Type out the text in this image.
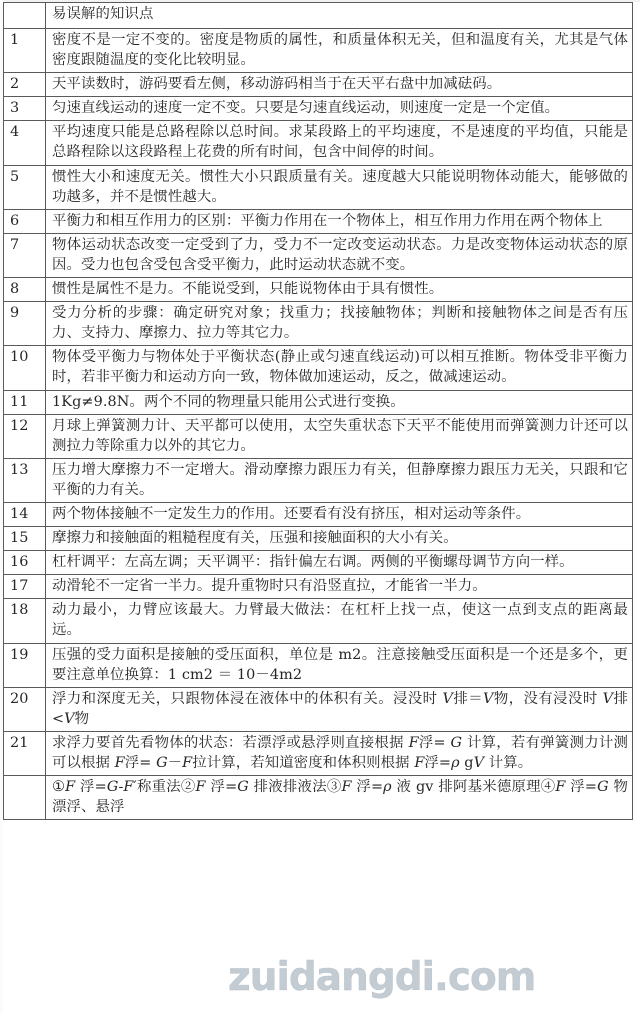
	易误解的知识点
1	密度不是一定不变的。密度是物质的属性，和质量体积无关，但和温度有关，尤其是气体密度跟随温度的变化比较明显。
2	天平读数时，游码要看左侧，移动游码相当于在天平右盘中加减砝码。
3	匀速直线运动的速度一定不变。只要是匀速直线运动，则速度一定是一个定值。
4	平均速度只能是总路程除以总时间。求某段路上的平均速度，不是速度的平均值，只能是总路程除以这段路程上花费的所有时间，包含中间停的时间。
5	惯性大小和速度无关。惯性大小只跟质量有关。速度越大只能说明物体动能大，能够做的功越多，并不是惯性越大。
6	平衡力和相互作用力的区别：平衡力作用在一个物体上，相互作用力作用在两个物体上
7	物体运动状态改变一定受到了力，受力不一定改变运动状态。力是改变物体运动状态的原因。受力也包含受包含受平衡力，此时运动状态就不变。
8	惯性是属性不是力。不能说受到，只能说物体由于具有惯性。
9	受力分析的步骤：确定研究对象；找重力；找接触物体；判断和接触物体之间是否有压力、支持力、摩擦力、拉力等其它力。
10	物体受平衡力与物体处于平衡状态(静止或匀速直线运动)可以相互推断。物体受非平衡力时，若非平衡力和运动方向一致，物体做加速运动，反之，做减速运动。
11	1Kg≠9.8N。两个不同的物理量只能用公式进行变换。
12	月球上弹簧测力计、天平都可以使用，太空失重状态下天平不能使用而弹簧测力计还可以测拉力等除重力以外的其它力。
13	压力增大摩擦力不一定增大。滑动摩擦力跟压力有关，但静摩擦力跟压力无关，只跟和它平衡的力有关。
14	两个物体接触不一定发生力的作用。还要看有没有挤压，相对运动等条件。
15	摩擦力和接触面的粗糙程度有关，压强和接触面积的大小有关。
16	杠杆调平：左高左调；天平调平：指针偏左右调。两侧的平衡螺母调节方向一样。
17	动滑轮不一定省一半力。提升重物时只有沿竖直拉，才能省一半力。
18	动力最小，力臂应该最大。力臂最大做法：在杠杆上找一点，使这一点到支点的距离最远。
19	压强的受力面积是接触的受压面积，单位是 m2。注意接触受压面积是一个还是多个，更要注意单位换算：1 cm2 ＝ 10－4m2
20	浮力和深度无关，只跟物体浸在液体中的体积有关。浸没时 V排＝V物，没有浸没时 V排<V物
21	求浮力要首先看物体的状态：若漂浮或悬浮则直接根据 F浮= G 计算，若有弹簧测力计测可以根据 F浮= G－F拉计算，若知道密度和体积则根据 F浮=ρ gV 计算。
	①F 浮=G-F′称重法②F 浮=G 排液排液法③F 浮=ρ 液 gv 排阿基米德原理④F 浮=G 物漂浮、悬浮
zuidangdi.com
